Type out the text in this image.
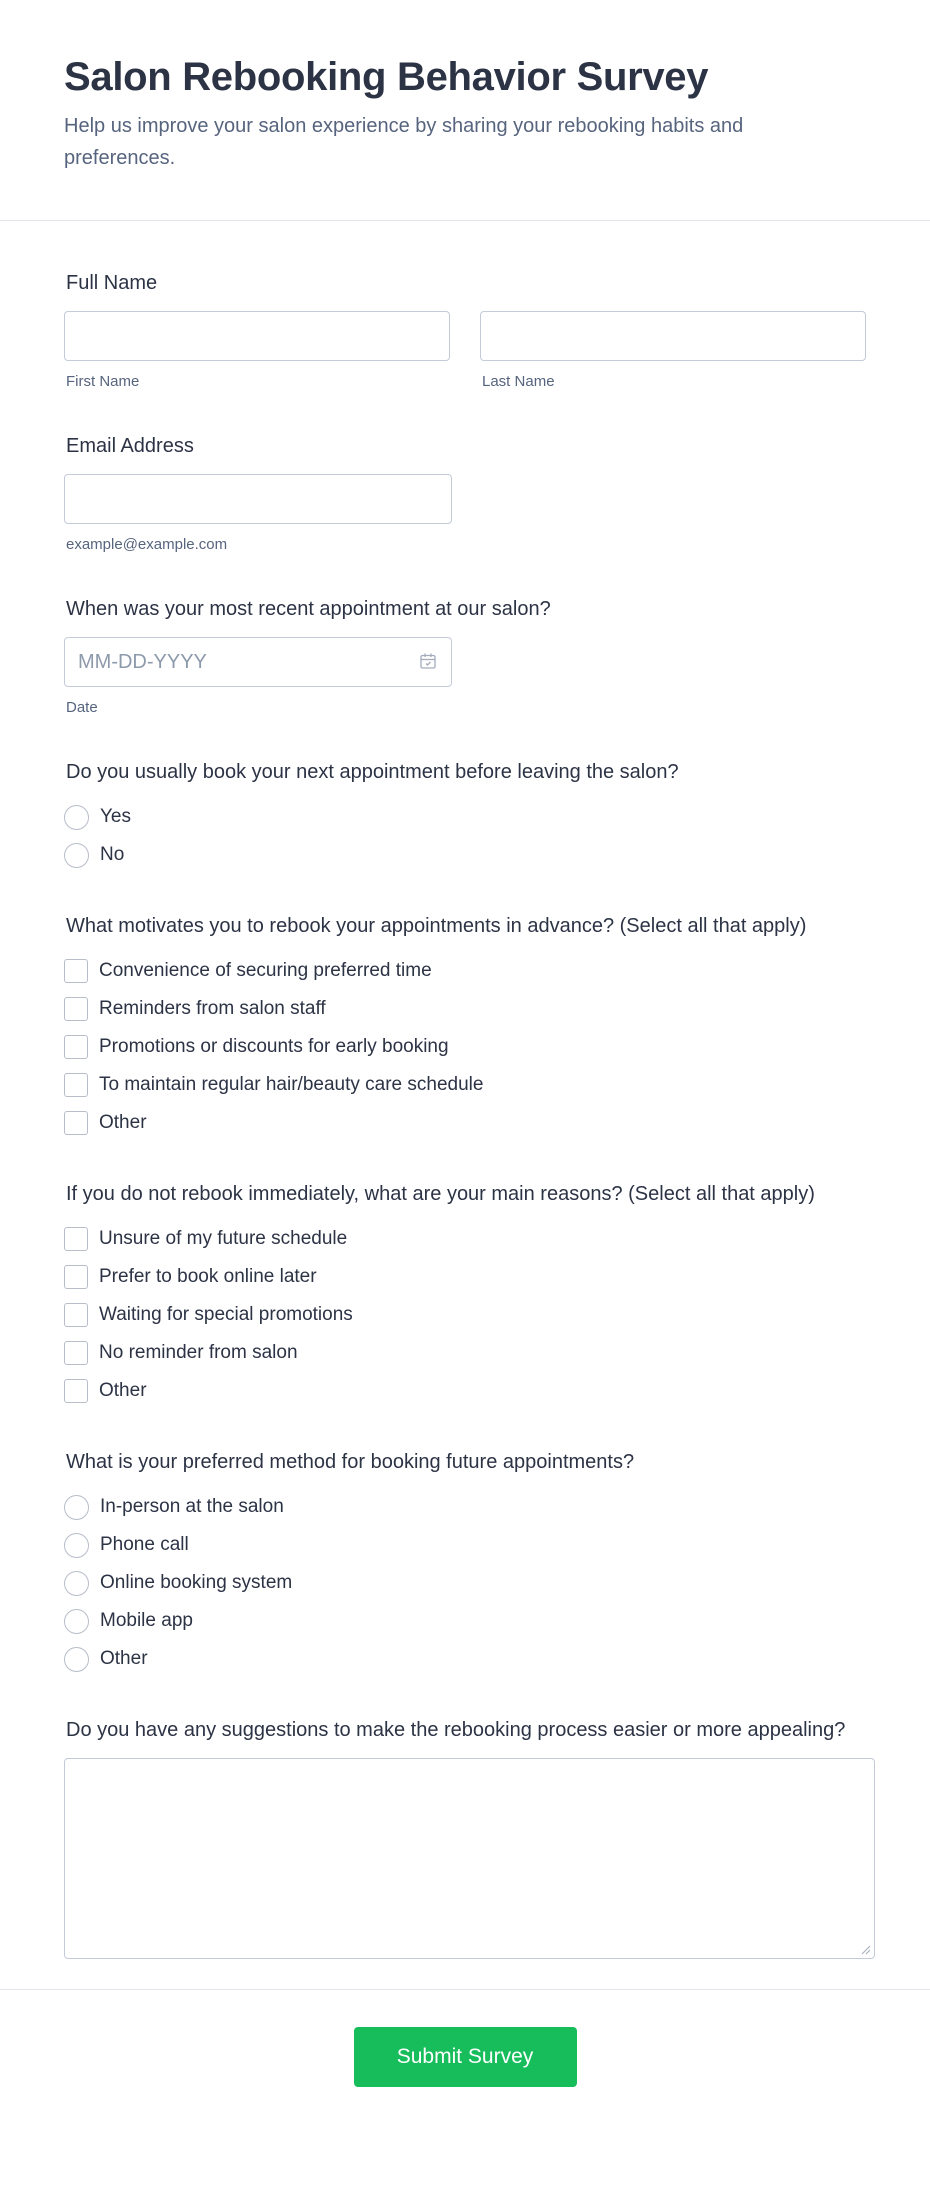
Salon Rebooking Behavior Survey

Help us improve your salon experience by sharing your rebooking habits and preferences.

Full Name
First Name	Last Name
Email Address
example@example.com
When was your most recent appointment at our salon?
MM-DD-YYYY
Date
Do you usually book your next appointment before leaving the salon?
Yes
No
What motivates you to rebook your appointments in advance? (Select all that apply)
Convenience of securing preferred time
Reminders from salon staff
Promotions or discounts for early booking
To maintain regular hair/beauty care schedule
Other
If you do not rebook immediately, what are your main reasons? (Select all that apply)
Unsure of my future schedule
Prefer to book online later
Waiting for special promotions
No reminder from salon
Other
What is your preferred method for booking future appointments?
In-person at the salon
Phone call
Online booking system
Mobile app
Other
Do you have any suggestions to make the rebooking process easier or more appealing?
Submit Survey
